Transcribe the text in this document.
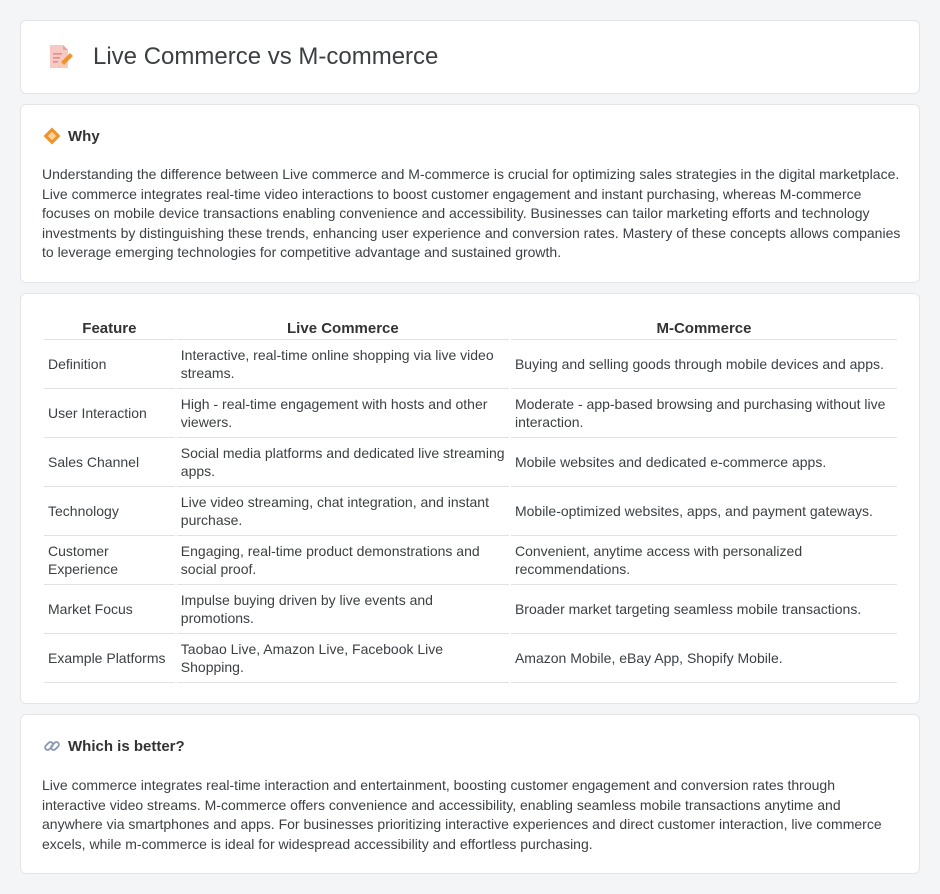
Live Commerce vs M-commerce
Why

Understanding the difference between Live commerce and M-commerce is crucial for optimizing sales strategies in the digital marketplace. Live commerce integrates real-time video interactions to boost customer engagement and instant purchasing, whereas M-commerce focuses on mobile device transactions enabling convenience and accessibility. Businesses can tailor marketing efforts and technology investments by distinguishing these trends, enhancing user experience and conversion rates. Mastery of these concepts allows companies to leverage emerging technologies for competitive advantage and sustained growth.

Feature	Live Commerce	M-Commerce
Definition	Interactive, real-time online shopping via live video streams.	Buying and selling goods through mobile devices and apps.
User Interaction	High - real-time engagement with hosts and other viewers.	Moderate - app-based browsing and purchasing without live interaction.
Sales Channel	Social media platforms and dedicated live streaming apps.	Mobile websites and dedicated e-commerce apps.
Technology	Live video streaming, chat integration, and instant purchase.	Mobile-optimized websites, apps, and payment gateways.
Customer Experience	Engaging, real-time product demonstrations and social proof.	Convenient, anytime access with personalized recommendations.
Market Focus	Impulse buying driven by live events and promotions.	Broader market targeting seamless mobile transactions.
Example Platforms	Taobao Live, Amazon Live, Facebook Live Shopping.	Amazon Mobile, eBay App, Shopify Mobile.
Which is better?

Live commerce integrates real-time interaction and entertainment, boosting customer engagement and conversion rates through interactive video streams. M-commerce offers convenience and accessibility, enabling seamless mobile transactions anytime and anywhere via smartphones and apps. For businesses prioritizing interactive experiences and direct customer interaction, live commerce excels, while m-commerce is ideal for widespread accessibility and effortless purchasing.
